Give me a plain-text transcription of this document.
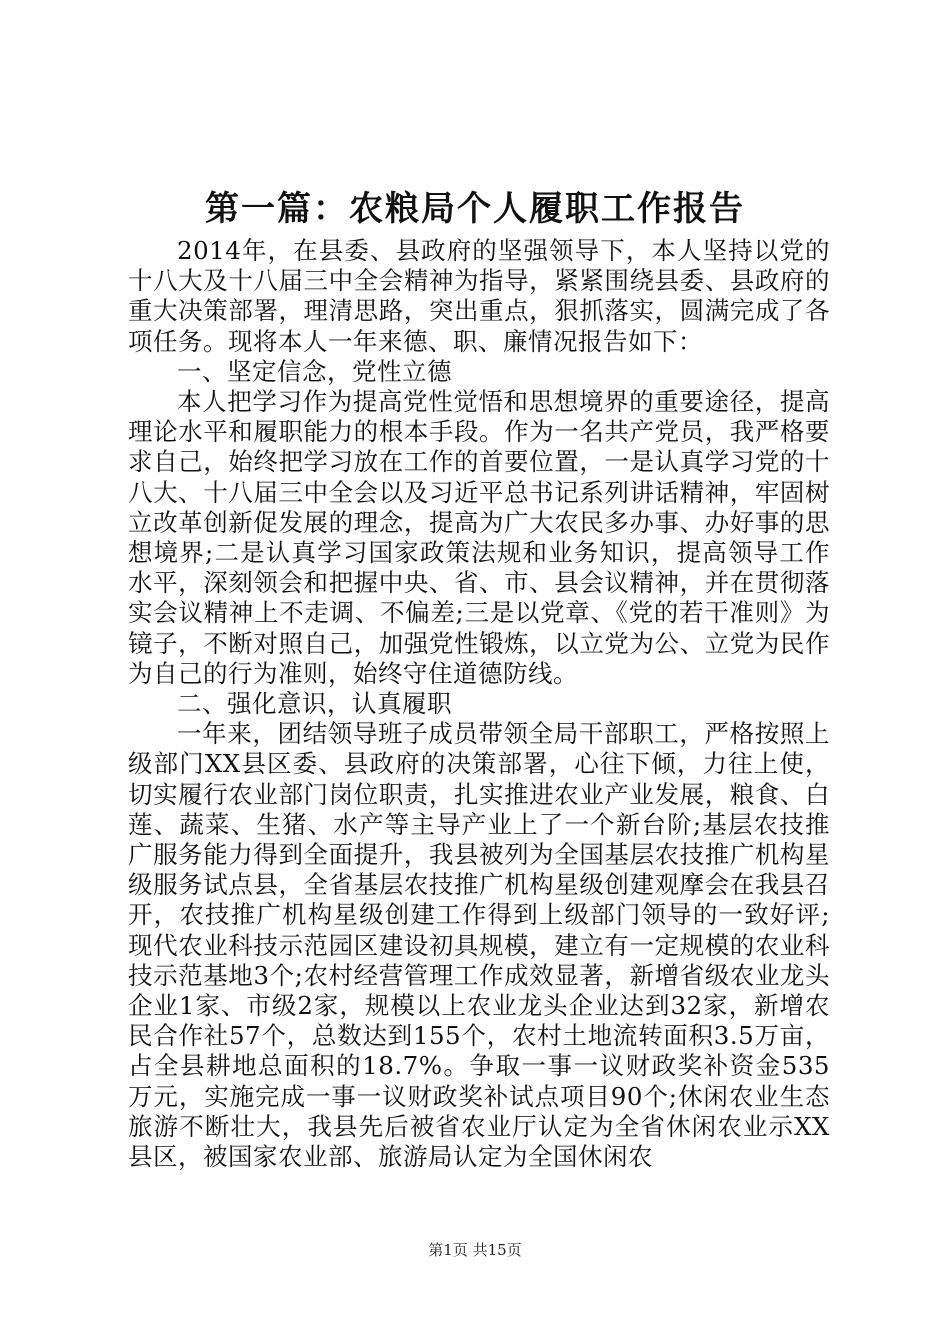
第一篇：农粮局个人履职工作报告

2014年，在县委、县政府的坚强领导下，本人坚持以党的十八大及十八届三中全会精神为指导，紧紧围绕县委、县政府的重大决策部署，理清思路，突出重点，狠抓落实，圆满完成了各项任务。现将本人一年来德、职、廉情况报告如下：

一、坚定信念，党性立德

本人把学习作为提高党性觉悟和思想境界的重要途径，提高理论水平和履职能力的根本手段。作为一名共产党员，我严格要求自己，始终把学习放在工作的首要位置，一是认真学习党的十八大、十八届三中全会以及习近平总书记系列讲话精神，牢固树立改革创新促发展的理念，提高为广大农民多办事、办好事的思想境界;二是认真学习国家政策法规和业务知识，提高领导工作水平，深刻领会和把握中央、省、市、县会议精神，并在贯彻落实会议精神上不走调、不偏差;三是以党章、《党的若干准则》为镜子，不断对照自己，加强党性锻炼，以立党为公、立党为民作为自己的行为准则，始终守住道德防线。

二、强化意识，认真履职

一年来，团结领导班子成员带领全局干部职工，严格按照上级部门XX县区委、县政府的决策部署，心往下倾，力往上使，切实履行农业部门岗位职责，扎实推进农业产业发展，粮食、白莲、蔬菜、生猪、水产等主导产业上了一个新台阶;基层农技推广服务能力得到全面提升，我县被列为全国基层农技推广机构星级服务试点县，全省基层农技推广机构星级创建观摩会在我县召开，农技推广机构星级创建工作得到上级部门领导的一致好评;现代农业科技示范园区建设初具规模，建立有一定规模的农业科技示范基地3个;农村经营管理工作成效显著，新增省级农业龙头企业1家、市级2家，规模以上农业龙头企业达到32家，新增农民合作社57个，总数达到155个，农村土地流转面积3.5万亩，占全县耕地总面积的18.7%。争取一事一议财政奖补资金535万元，实施完成一事一议财政奖补试点项目90个;休闲农业生态旅游不断壮大，我县先后被省农业厅认定为全省休闲农业示XX县区，被国家农业部、旅游局认定为全国休闲农

第1页 共15页
